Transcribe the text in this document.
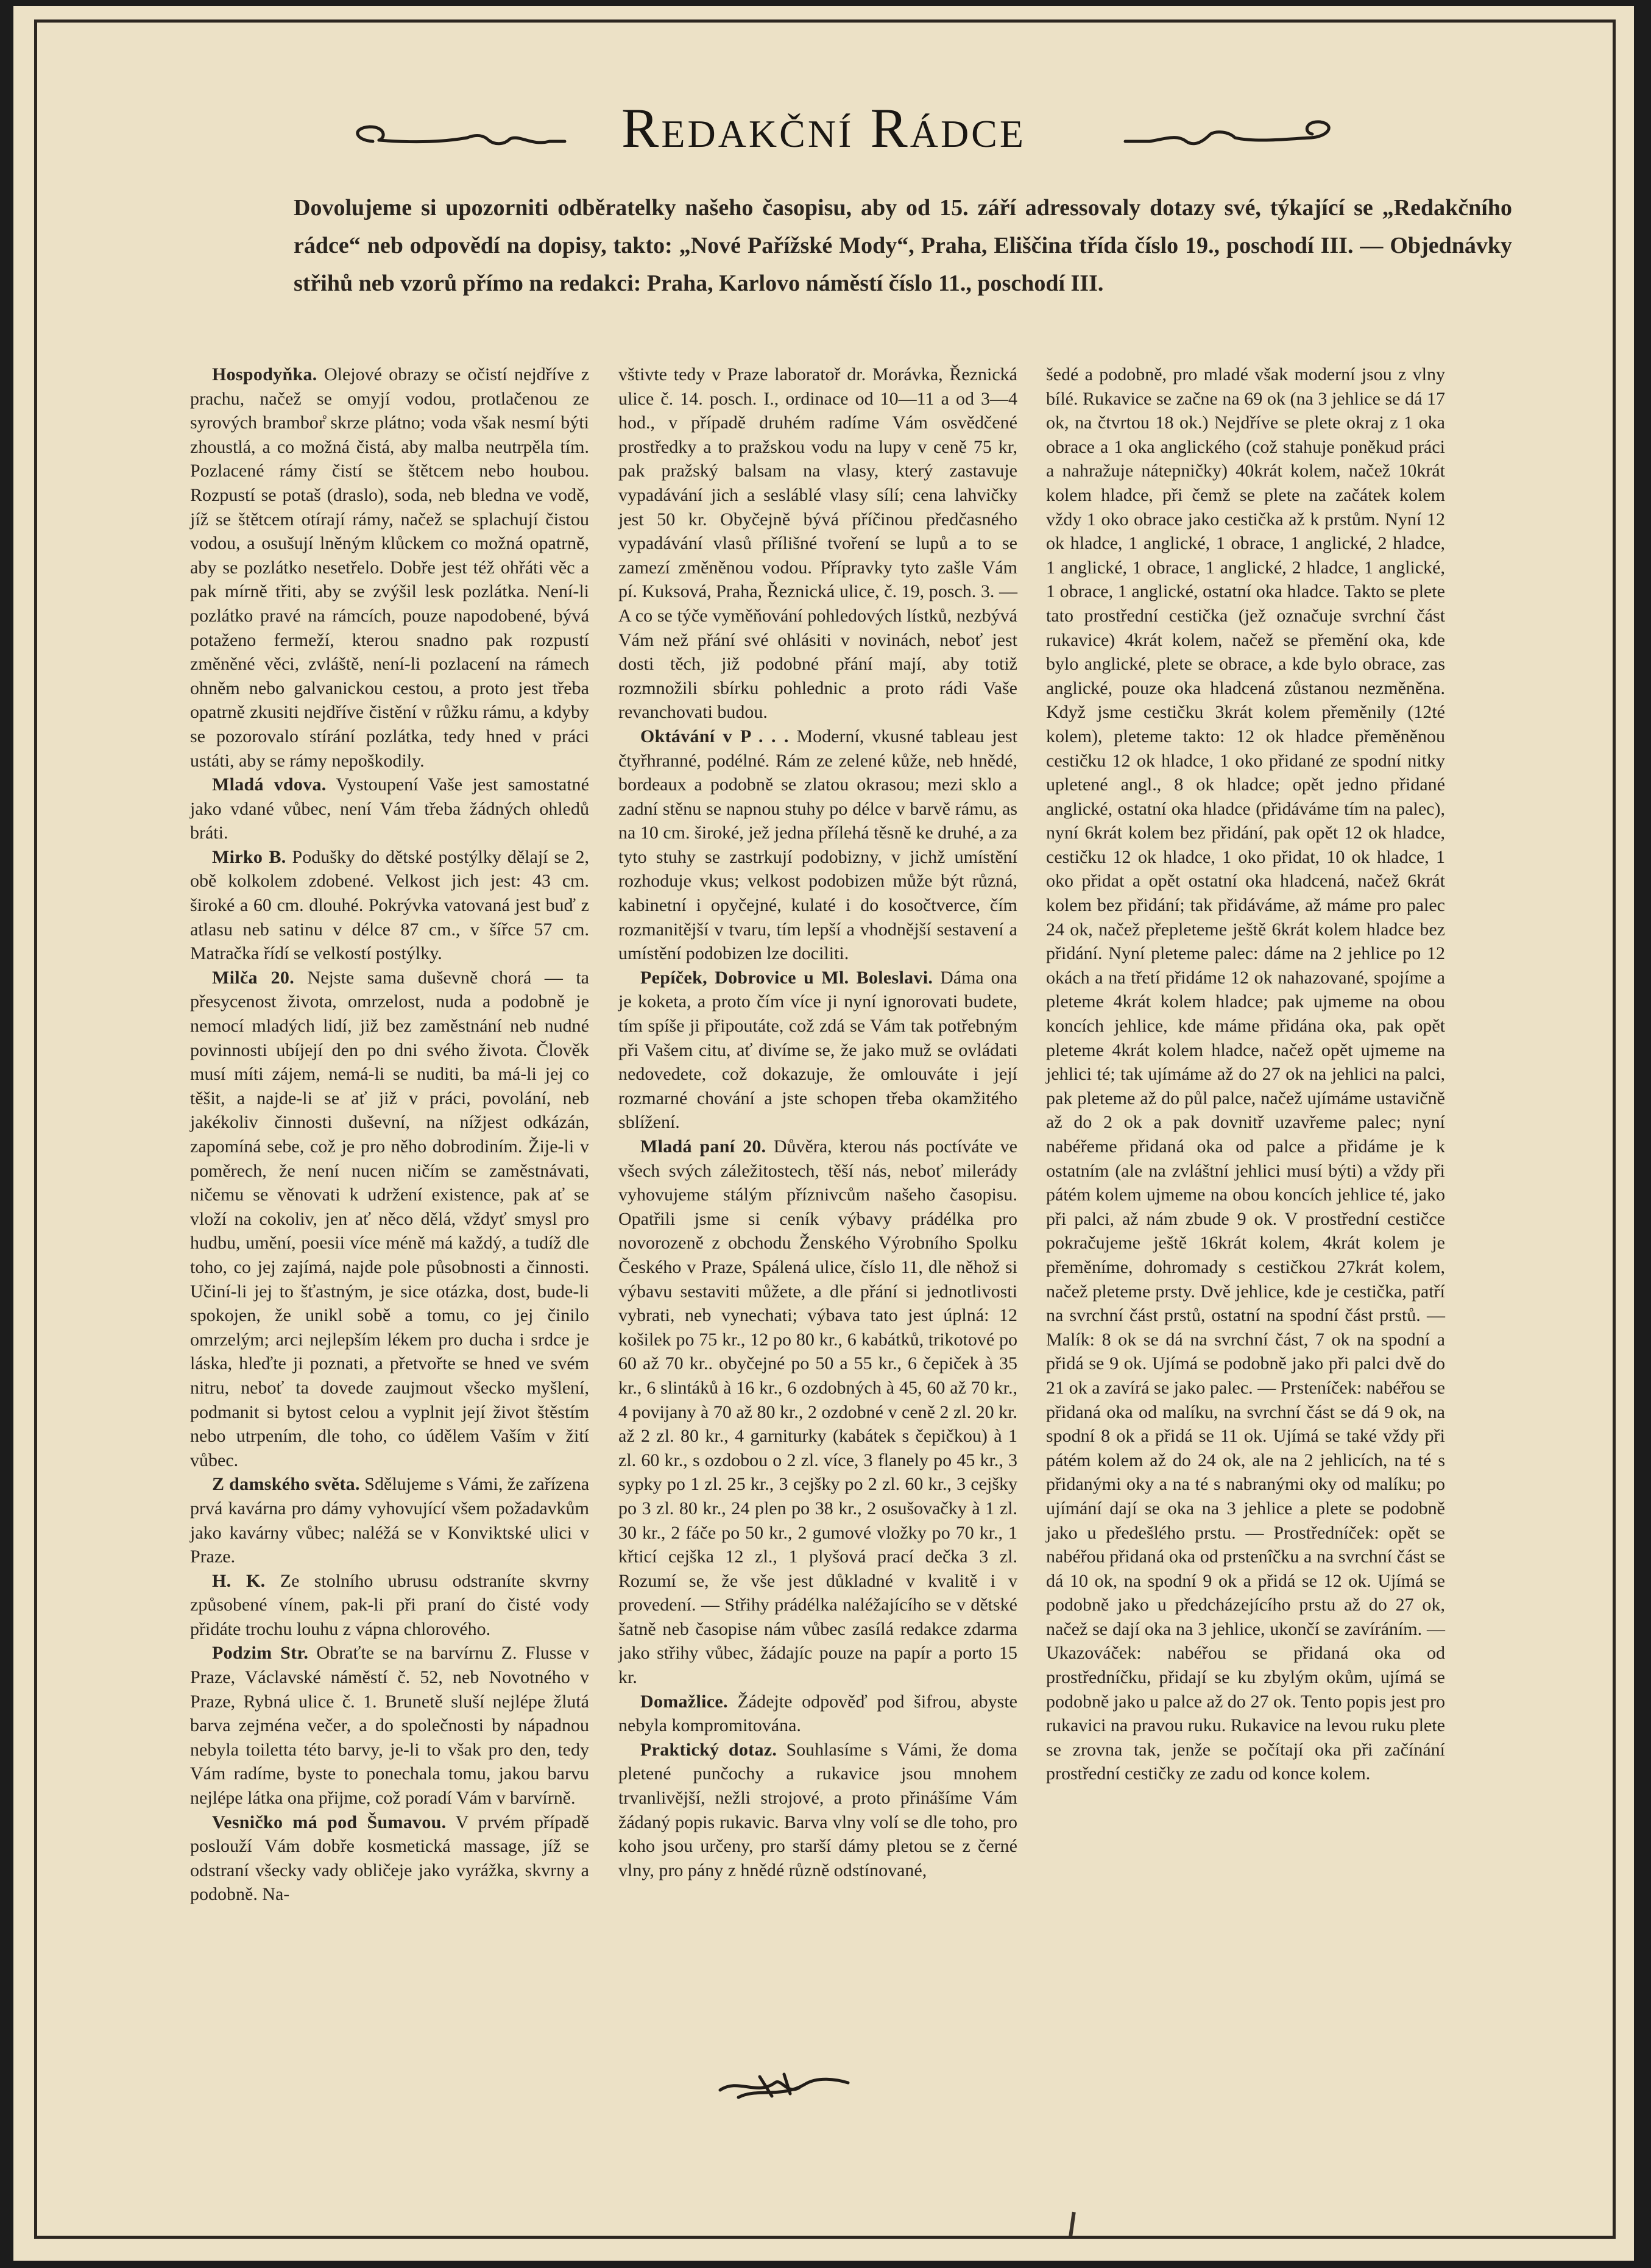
Redakční Rádce
Dovolujeme si upozorniti odběratelky našeho časopisu, aby od 15. září adressovaly dotazy své, týkající se „Redakčního rádce“ neb odpovědí na dopisy, takto: „Nové Pařížské Mody“, Praha, Eliščina třída číslo 19., poschodí III. — Objednávky střihů neb vzorů přímo na redakci: Praha, Karlovo náměstí číslo 11., poschodí III.

Hospodyňka. Olejové obrazy se očistí nejdříve z prachu, načež se omyjí vodou, protlačenou ze syrových brambor̊ skrze plátno; voda však nesmí býti zhoustlá, a co možná čistá, aby malba neutrpěla tím. Pozlacené rámy čistí se štětcem nebo houbou. Rozpustí se potaš (draslo), soda, neb bledna ve vodě, jíž se štětcem otírají rámy, načež se splachují čistou vodou, a osušují lněným klůckem co možná opatrně, aby se pozlátko nesetřelo. Dobře jest též ohřáti věc a pak mírně třiti, aby se zvýšil lesk pozlátka. Není-li pozlátko pravé na rámcích, pouze napodobené, bývá potaženo fermeží, kterou snadno pak rozpustí změněné věci, zvláště, není-li pozlacení na rámech ohněm nebo galvanickou cestou, a proto jest třeba opatrně zkusiti nejdříve čistění v růžku rámu, a kdyby se pozorovalo stírání pozlátka, tedy hned v práci ustáti, aby se rámy nepoškodily.

Mladá vdova. Vystoupení Vaše jest samostatné jako vdané vůbec, není Vám třeba žádných ohledů bráti.

Mirko B. Podušky do dětské postýlky dělají se 2, obě kolkolem zdobené. Velkost jich jest: 43 cm. široké a 60 cm. dlouhé. Pokrývka vatovaná jest buď z atlasu neb satinu v délce 87 cm., v šířce 57 cm. Matračka řídí se velkostí postýlky.

Milča 20. Nejste sama duševně chorá — ta přesycenost života, omrzelost, nuda a podobně je nemocí mladých lidí, již bez zaměstnání neb nudné povinnosti ubíjejí den po dni svého života. Člověk musí míti zájem, nemá-li se nuditi, ba má-li jej co těšit, a najde-li se ať již v práci, povolání, neb jakékoliv činnosti duševní, na nížjest odkázán, zapomíná sebe, což je pro něho dobrodiním. Žije-li v poměrech, že není nucen ničím se zaměstnávati, ničemu se věnovati k udržení existence, pak ať se vloží na cokoliv, jen ať něco dělá, vždyť smysl pro hudbu, umění, poesii více méně má každý, a tudíž dle toho, co jej zajímá, najde pole působnosti a činnosti. Učiní-li jej to šťastným, je sice otázka, dost, bude-li spokojen, že unikl sobě a tomu, co jej činilo omrzelým; arci nejlepším lékem pro ducha i srdce je láska, hleďte ji poznati, a přetvořte se hned ve svém nitru, neboť ta dovede zaujmout všecko myšlení, podmanit si bytost celou a vyplnit její život štěstím nebo utrpením, dle toho, co údělem Vaším v žití vůbec.

Z damského světa. Sdělujeme s Vámi, že zařízena prvá kavárna pro dámy vyhovující všem požadavkům jako kavárny vůbec; naléžá se v Konviktské ulici v Praze.

H. K. Ze stolního ubrusu odstraníte skvrny způsobené vínem, pak-li při praní do čisté vody přidáte trochu louhu z vápna chlorového.

Podzim Str. Obraťte se na barvírnu Z. Flusse v Praze, Václavské náměstí č. 52, neb Novotného v Praze, Rybná ulice č. 1. Brunetě sluší nejlépe žlutá barva zejména večer, a do společnosti by nápadnou nebyla toiletta této barvy, je-li to však pro den, tedy Vám radíme, byste to ponechala tomu, jakou barvu nejlépe látka ona přijme, což poradí Vám v barvírně.

Vesničko má pod Šumavou. V prvém případě poslouží Vám dobře kosmetická massage, jíž se odstraní všecky vady obličeje jako vyrážka, skvrny a podobně. Na-

vštivte tedy v Praze laboratoř dr. Morávka, Řeznická ulice č. 14. posch. I., ordinace od 10—11 a od 3—4 hod., v případě druhém radíme Vám osvědčené prostředky a to pražskou vodu na lupy v ceně 75 kr, pak pražský balsam na vlasy, který zastavuje vypadávání jich a sesláblé vlasy sílí; cena lahvičky jest 50 kr. Obyčejně bývá příčinou předčasného vypadávání vlasů přílišné tvoření se lupů a to se zamezí změněnou vodou. Přípravky tyto zašle Vám pí. Kuksová, Praha, Řeznická ulice, č. 19, posch. 3. — A co se týče vyměňování pohledových lístků, nezbývá Vám než přání své ohlásiti v novinách, neboť jest dosti těch, již podobné přání mají, aby totiž rozmnožili sbírku pohlednic a proto rádi Vaše revanchovati budou.

Oktávání v P . . . Moderní, vkusné tableau jest čtyřhranné, podélné. Rám ze zelené kůže, neb hnědé, bordeaux a podobně se zlatou okrasou; mezi sklo a zadní stěnu se napnou stuhy po délce v barvě rámu, as na 10 cm. široké, jež jedna přílehá těsně ke druhé, a za tyto stuhy se zastrkují podobizny, v jichž umístění rozhoduje vkus; velkost podobizen může být různá, kabinetní i opyčejné, kulaté i do kosočtverce, čím rozmanitější v tvaru, tím lepší a vhodnější sestavení a umístění podobizen lze dociliti.

Pepíček, Dobrovice u Ml. Boleslavi. Dáma ona je koketa, a proto čím více ji nyní ignorovati budete, tím spíše ji připoutáte, což zdá se Vám tak potřebným při Vašem citu, ať divíme se, že jako muž se ovládati nedovedete, což dokazuje, že omlouváte i její rozmarné chování a jste schopen třeba okamžitého sblížení.

Mladá paní 20. Důvěra, kterou nás poctíváte ve všech svých záležitostech, těší nás, neboť milerády vyhovujeme stálým příznivcům našeho časopisu. Opatřili jsme si ceník výbavy prádélka pro novorozeně z obchodu Ženského Výrobního Spolku Českého v Praze, Spálená ulice, číslo 11, dle něhož si výbavu sestaviti můžete, a dle přání si jednotlivosti vybrati, neb vynechati; výbava tato jest úplná: 12 košilek po 75 kr., 12 po 80 kr., 6 kabátků, trikotové po 60 až 70 kr.. obyčejné po 50 a 55 kr., 6 čepiček à 35 kr., 6 slintáků à 16 kr., 6 ozdobných à 45, 60 až 70 kr., 4 povijany à 70 až 80 kr., 2 ozdobné v ceně 2 zl. 20 kr. až 2 zl. 80 kr., 4 garniturky (kabátek s čepičkou) à 1 zl. 60 kr., s ozdobou o 2 zl. více, 3 flanely po 45 kr., 3 sypky po 1 zl. 25 kr., 3 cejšky po 2 zl. 60 kr., 3 cejšky po 3 zl. 80 kr., 24 plen po 38 kr., 2 osušovačky à 1 zl. 30 kr., 2 fáče po 50 kr., 2 gumové vložky po 70 kr., 1 křticí cejška 12 zl., 1 plyšová prací dečka 3 zl. Rozumí se, že vše jest důkladné v kvalitě i v provedení. — Střihy prádélka naléžajícího se v dětské šatně neb časopise nám vůbec zasílá redakce zdarma jako střihy vůbec, žádajíc pouze na papír a porto 15 kr.

Domažlice. Žádejte odpověď pod šifrou, abyste nebyla kompromitována.

Praktický dotaz. Souhlasíme s Vámi, že doma pletené punčochy a rukavice jsou mnohem trvanlivější, nežli strojové, a proto přinášíme Vám žádaný popis rukavic. Barva vlny volí se dle toho, pro koho jsou určeny, pro starší dámy pletou se z černé vlny, pro pány z hnědé různě odstínované,

šedé a podobně, pro mladé však moderní jsou z vlny bílé. Rukavice se začne na 69 ok (na 3 jehlice se dá 17 ok, na čtvrtou 18 ok.) Nejdříve se plete okraj z 1 oka obrace a 1 oka anglického (což stahuje poněkud práci a nahražuje nátepničky) 40krát kolem, načež 10krát kolem hladce, při čemž se plete na začátek kolem vždy 1 oko obrace jako cestička až k prstům. Nyní 12 ok hladce, 1 anglické, 1 obrace, 1 anglické, 2 hladce, 1 anglické, 1 obrace, 1 anglické, 2 hladce, 1 anglické, 1 obrace, 1 anglické, ostatní oka hladce. Takto se plete tato prostřední cestička (jež označuje svrchní část rukavice) 4krát kolem, načež se přemění oka, kde bylo anglické, plete se obrace, a kde bylo obrace, zas anglické, pouze oka hladcená zůstanou nezměněna. Když jsme cestičku 3krát kolem přeměnily (12té kolem), pleteme takto: 12 ok hladce přeměněnou cestičku 12 ok hladce, 1 oko přidané ze spodní nitky upletené angl., 8 ok hladce; opět jedno přidané anglické, ostatní oka hladce (přidáváme tím na palec), nyní 6krát kolem bez přidání, pak opět 12 ok hladce, cestičku 12 ok hladce, 1 oko přidat, 10 ok hladce, 1 oko přidat a opět ostatní oka hladcená, načež 6krát kolem bez přidání; tak přidáváme, až máme pro palec 24 ok, načež přepleteme ještě 6krát kolem hladce bez přidání. Nyní pleteme palec: dáme na 2 jehlice po 12 okách a na třetí přidáme 12 ok nahazované, spojíme a pleteme 4krát kolem hladce; pak ujmeme na obou koncích jehlice, kde máme přidána oka, pak opět pleteme 4krát kolem hladce, načež opět ujmeme na jehlici té; tak ujímáme až do 27 ok na jehlici na palci, pak pleteme až do půl palce, načež ujímáme ustavičně až do 2 ok a pak dovnitř uzavřeme palec; nyní nabéřeme přidaná oka od palce a přidáme je k ostatním (ale na zvláštní jehlici musí býti) a vždy při pátém kolem ujmeme na obou koncích jehlice té, jako při palci, až nám zbude 9 ok. V prostřední cestičce pokračujeme ještě 16krát kolem, 4krát kolem je přeměníme, dohromady s cestičkou 27krát kolem, načež pleteme prsty. Dvě jehlice, kde je cestička, patří na svrchní část prstů, ostatní na spodní část prstů. — Malík: 8 ok se dá na svrchní část, 7 ok na spodní a přidá se 9 ok. Ujímá se podobně jako při palci dvě do 21 ok a zavírá se jako palec. — Prsteníček: nabéřou se přidaná oka od malíku, na svrchní část se dá 9 ok, na spodní 8 ok a přidá se 11 ok. Ujímá se také vždy při pátém kolem až do 24 ok, ale na 2 jehlicích, na té s přidanými oky a na té s nabranými oky od malíku; po ujímání dají se oka na 3 jehlice a plete se podobně jako u předešlého prstu. — Prostředníček: opět se nabéřou přidaná oka od prstenîčku a na svrchní část se dá 10 ok, na spodní 9 ok a přidá se 12 ok. Ujímá se podobně jako u předcházejícího prstu až do 27 ok, načež se dají oka na 3 jehlice, ukončí se zavíráním. — Ukazováček: nabéřou se přidaná oka od prostředníčku, přidají se ku zbylým okům, ujímá se podobně jako u palce až do 27 ok. Tento popis jest pro rukavici na pravou ruku. Rukavice na levou ruku plete se zrovna tak, jenže se počítají oka při začínání prostřední cestičky ze zadu od konce kolem.
